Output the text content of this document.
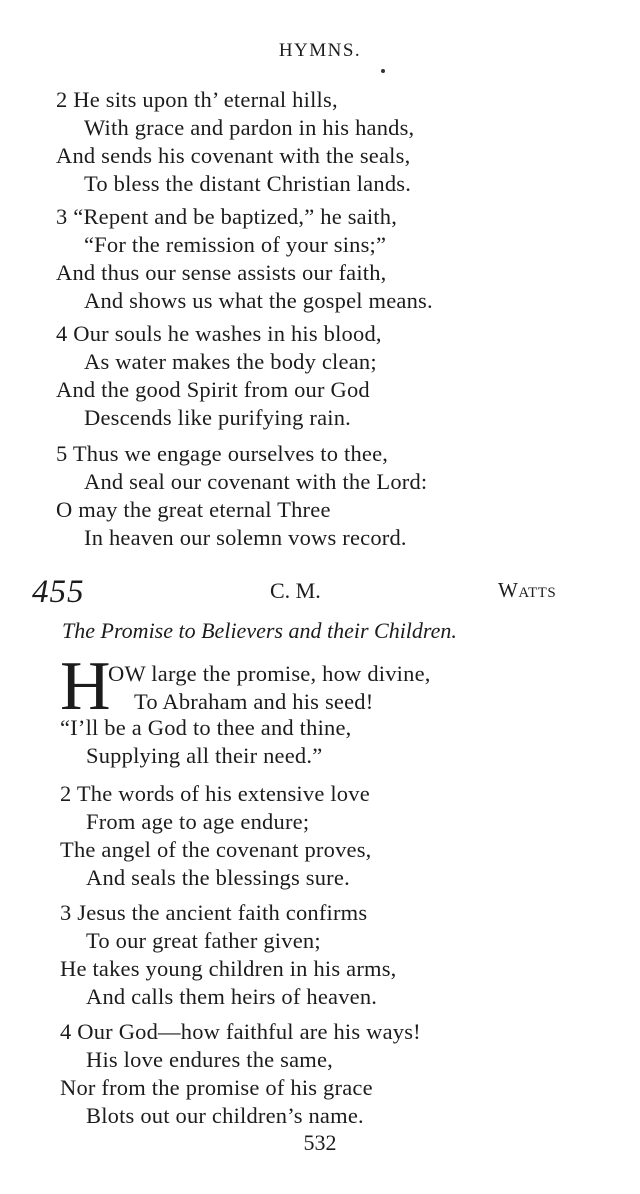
HYMNS.
2 He sits upon th’ eternal hills,
With grace and pardon in his hands,
And sends his covenant with the seals,
To bless the distant Christian lands.
3 “Repent and be baptized,” he saith,
“For the remission of your sins;”
And thus our sense assists our faith,
And shows us what the gospel means.
4 Our souls he washes in his blood,
As water makes the body clean;
And the good Spirit from our God
Descends like purifying rain.
5 Thus we engage ourselves to thee,
And seal our covenant with the Lord:
O may the great eternal Three
In heaven our solemn vows record.
455	C. M.	Watts
The Promise to Believers and their Children.
H
OW large the promise, how divine,
To Abraham and his seed!
“I’ll be a God to thee and thine,
Supplying all their need.”
2 The words of his extensive love
From age to age endure;
The angel of the covenant proves,
And seals the blessings sure.
3 Jesus the ancient faith confirms
To our great father given;
He takes young children in his arms,
And calls them heirs of heaven.
4 Our God—how faithful are his ways!
His love endures the same,
Nor from the promise of his grace
Blots out our children’s name.
532
